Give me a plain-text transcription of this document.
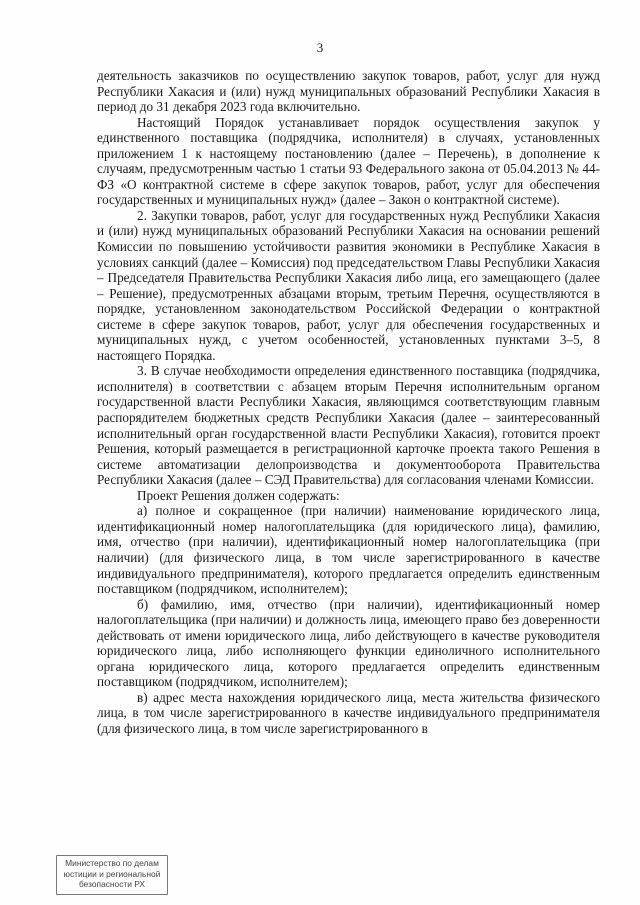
3

деятельность заказчиков по осуществлению закупок товаров, работ, услуг для нужд Республики Хакасия и (или) нужд муниципальных образований Республики Хакасия в период до 31 декабря 2023 года включительно.

Настоящий Порядок устанавливает порядок осуществления закупок у единственного поставщика (подрядчика, исполнителя) в случаях, установленных приложением 1 к настоящему постановлению (далее – Перечень), в дополнение к случаям, предусмотренным частью 1 статьи 93 Федерального закона от 05.04.2013 № 44-ФЗ «О контрактной системе в сфере закупок товаров, работ, услуг для обеспечения государственных и муниципальных нужд» (далее – Закон о контрактной системе).

2. Закупки товаров, работ, услуг для государственных нужд Республики Хакасия и (или) нужд муниципальных образований Республики Хакасия на основании решений Комиссии по повышению устойчивости развития экономики в Республике Хакасия в условиях санкций (далее – Комиссия) под председательством Главы Республики Хакасия – Председателя Правительства Республики Хакасия либо лица, его замещающего (далее – Решение), предусмотренных абзацами вторым, третьим Перечня, осуществляются в порядке, установленном законодательством Российской Федерации о контрактной системе в сфере закупок товаров, работ, услуг для обеспечения государственных и муниципальных нужд, с учетом особенностей, установленных пунктами 3–5, 8 настоящего Порядка.

3. В случае необходимости определения единственного поставщика (подрядчика, исполнителя) в соответствии с абзацем вторым Перечня исполнительным органом государственной власти Республики Хакасия, являющимся соответствующим главным распорядителем бюджетных средств Республики Хакасия (далее – заинтересованный исполнительный орган государственной власти Республики Хакасия), готовится проект Решения, который размещается в регистрационной карточке проекта такого Решения в системе автоматизации делопроизводства и документооборота Правительства Республики Хакасия (далее – СЭД Правительства) для согласования членами Комиссии.

Проект Решения должен содержать:

а) полное и сокращенное (при наличии) наименование юридического лица, идентификационный номер налогоплательщика (для юридического лица), фамилию, имя, отчество (при наличии), идентификационный номер налогоплательщика (при наличии) (для физического лица, в том числе зарегистрированного в качестве индивидуального предпринимателя), которого предлагается определить единственным поставщиком (подрядчиком, исполнителем);

б) фамилию, имя, отчество (при наличии), идентификационный номер налогоплательщика (при наличии) и должность лица, имеющего право без доверенности действовать от имени юридического лица, либо действующего в качестве руководителя юридического лица, либо исполняющего функции единоличного исполнительного органа юридического лица, которого предлагается определить единственным поставщиком (подрядчиком, исполнителем);

в) адрес места нахождения юридического лица, места жительства физического лица, в том числе зарегистрированного в качестве индивидуального предпринимателя (для физического лица, в том числе зарегистрированного в

Министерство по делам
юстиции и региональной
безопасности РХ
